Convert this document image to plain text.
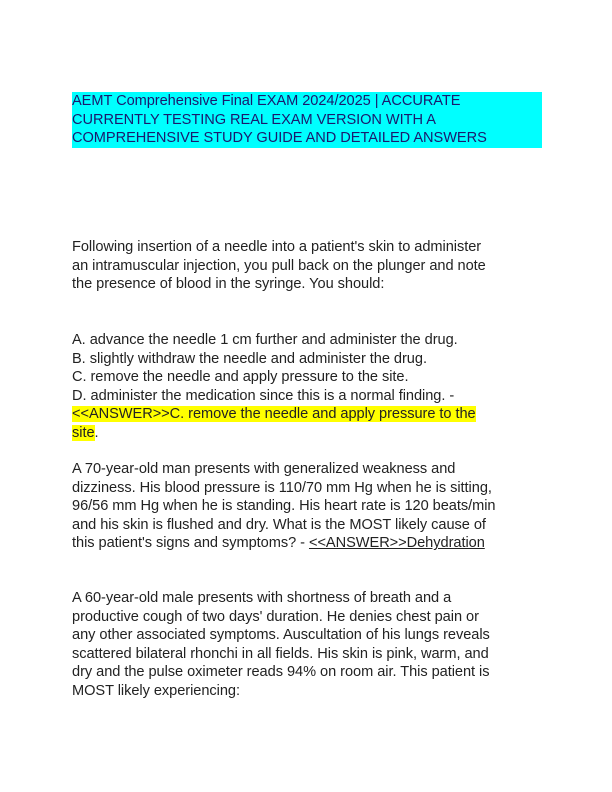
AEMT Comprehensive Final EXAM 2024/2025 | ACCURATE
CURRENTLY TESTING REAL EXAM VERSION WITH A
COMPREHENSIVE STUDY GUIDE AND DETAILED ANSWERS
Following insertion of a needle into a patient's skin to administer
an intramuscular injection, you pull back on the plunger and note
the presence of blood in the syringe. You should:
A. advance the needle 1 cm further and administer the drug.
B. slightly withdraw the needle and administer the drug.
C. remove the needle and apply pressure to the site.
D. administer the medication since this is a normal finding. -
<<ANSWER>>C. remove the needle and apply pressure to the
site.
A 70-year-old man presents with generalized weakness and
dizziness. His blood pressure is 110/70 mm Hg when he is sitting,
96/56 mm Hg when he is standing. His heart rate is 120 beats/min
and his skin is flushed and dry. What is the MOST likely cause of
this patient's signs and symptoms? - <<ANSWER>>Dehydration
A 60-year-old male presents with shortness of breath and a
productive cough of two days' duration. He denies chest pain or
any other associated symptoms. Auscultation of his lungs reveals
scattered bilateral rhonchi in all fields. His skin is pink, warm, and
dry and the pulse oximeter reads 94% on room air. This patient is
MOST likely experiencing:
